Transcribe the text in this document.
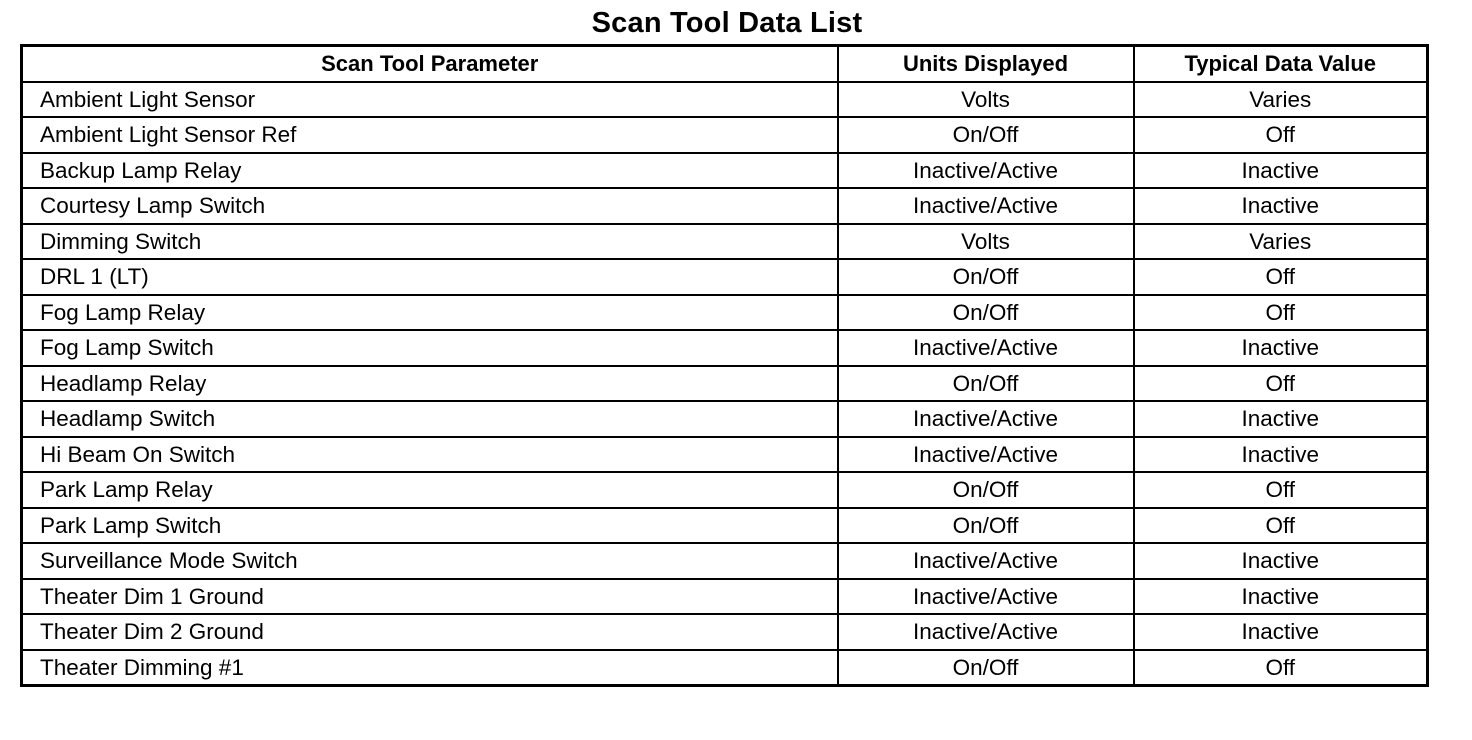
Scan Tool Data List
Scan Tool Parameter	Units Displayed	Typical Data Value
Ambient Light Sensor	Volts	Varies
Ambient Light Sensor Ref	On/Off	Off
Backup Lamp Relay	Inactive/Active	Inactive
Courtesy Lamp Switch	Inactive/Active	Inactive
Dimming Switch	Volts	Varies
DRL 1 (LT)	On/Off	Off
Fog Lamp Relay	On/Off	Off
Fog Lamp Switch	Inactive/Active	Inactive
Headlamp Relay	On/Off	Off
Headlamp Switch	Inactive/Active	Inactive
Hi Beam On Switch	Inactive/Active	Inactive
Park Lamp Relay	On/Off	Off
Park Lamp Switch	On/Off	Off
Surveillance Mode Switch	Inactive/Active	Inactive
Theater Dim 1 Ground	Inactive/Active	Inactive
Theater Dim 2 Ground	Inactive/Active	Inactive
Theater Dimming #1	On/Off	Off
